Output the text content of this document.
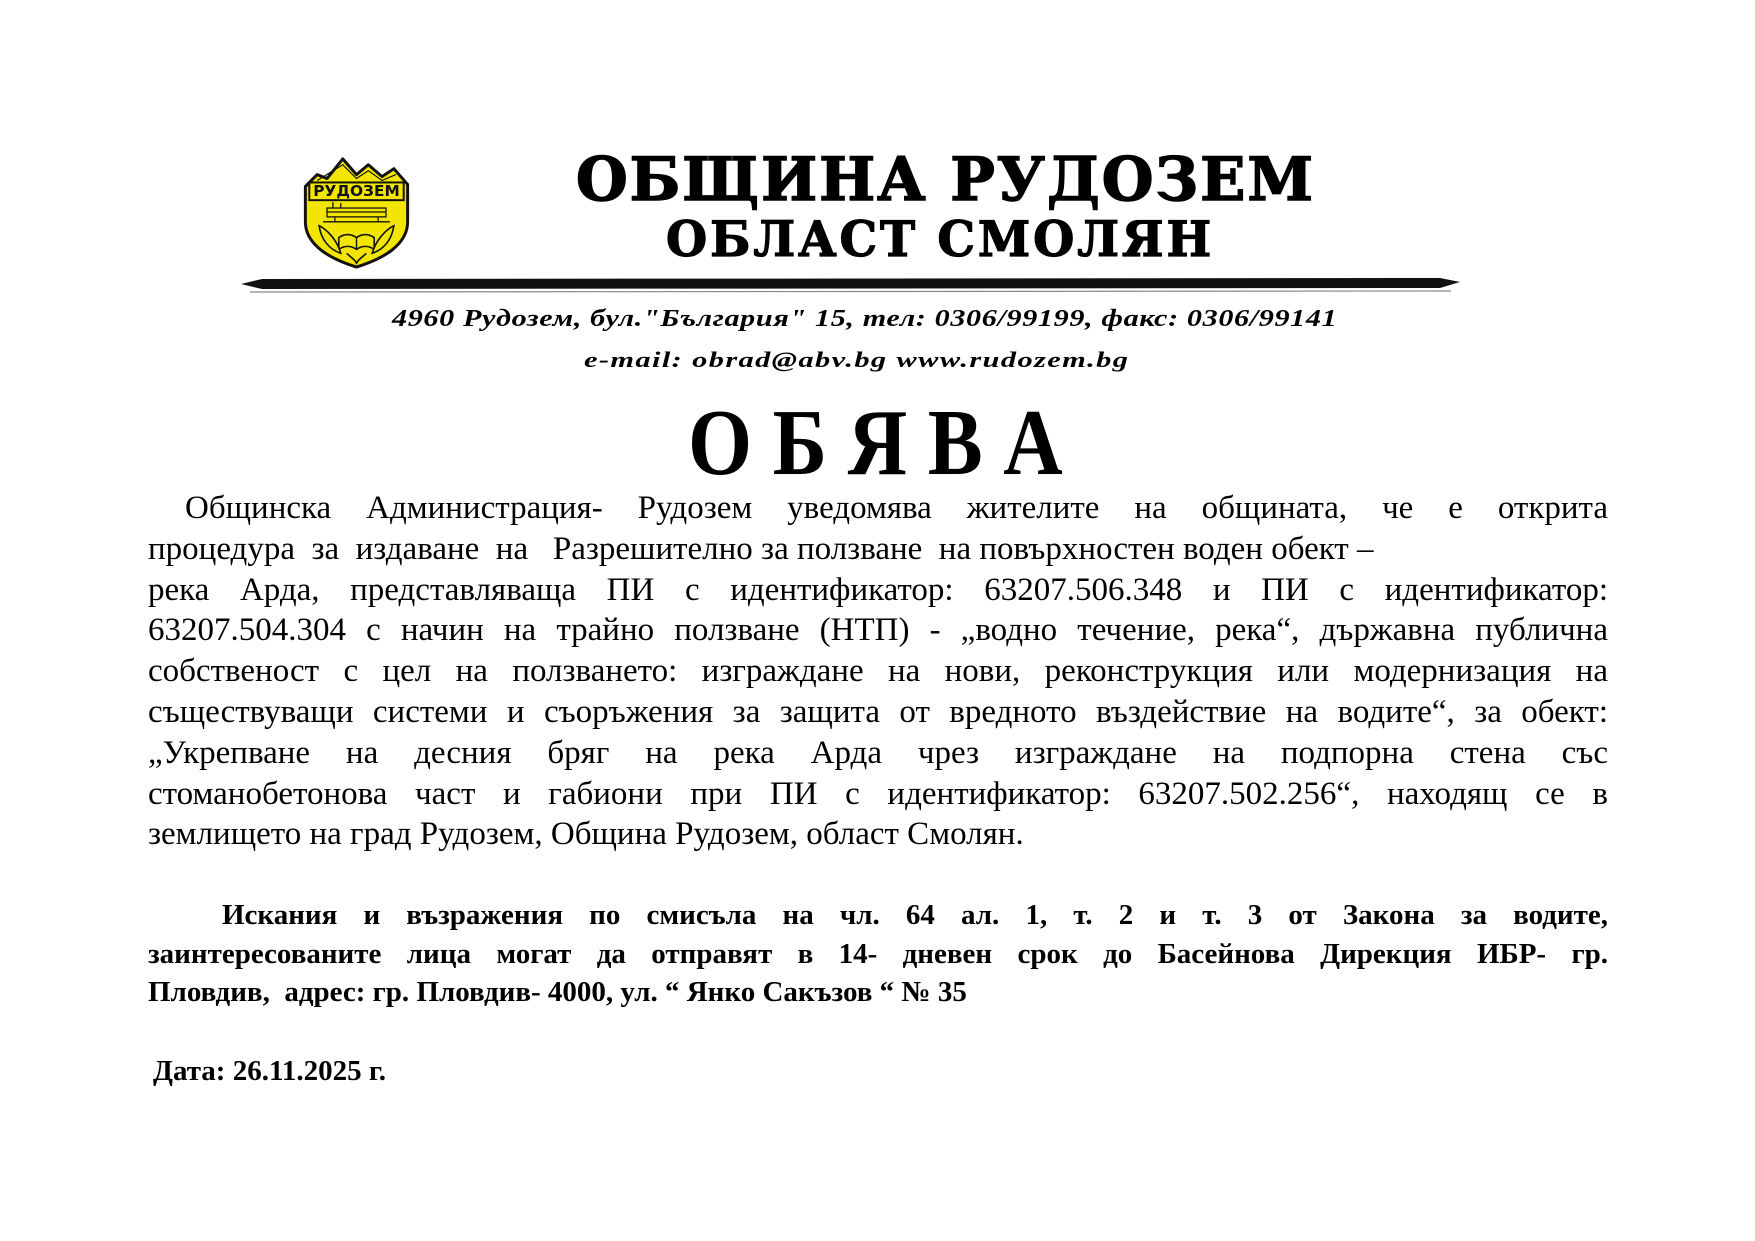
РУДОЗЕМ	ОБЩИНА РУДОЗЕМ
ОБЛАСТ СМОЛЯН
4960 Рудозем, бул."България" 15, тел: 0306/99199, факс: 0306/99141
e-mail: obrad@abv.bg www.rudozem.bg
О Б Я В А
Общинска Администрация- Рудозем уведомява жителите на общината, че е открита
процедура  за  издаване  на   Разрешително за ползване  на повърхностен воден обект –
река Арда, представляваща ПИ с идентификатор: 63207.506.348 и ПИ с идентификатор:
63207.504.304 с начин на трайно ползване (НТП) - „водно течение, река“, държавна публична
собственост с цел на ползването: изграждане на нови, реконструкция или модернизация на
съществуващи системи и съоръжения за защита от вредното въздействие на водите“, за обект:
„Укрепване на десния бряг на река Арда чрез изграждане на подпорна стена със
стоманобетонова част и габиони при ПИ с идентификатор: 63207.502.256“, находящ се в
землището на град Рудозем, Община Рудозем, област Смолян.
Искания и възражения по смисъла на чл. 64 ал. 1, т. 2 и т. 3 от Закона за водите,
заинтересованите лица могат да отправят в 14- дневен срок до Басейнова Дирекция ИБР- гр.
Пловдив,  адрес: гр. Пловдив- 4000, ул. “ Янко Сакъзов “ № 35
Дата: 26.11.2025 г.
